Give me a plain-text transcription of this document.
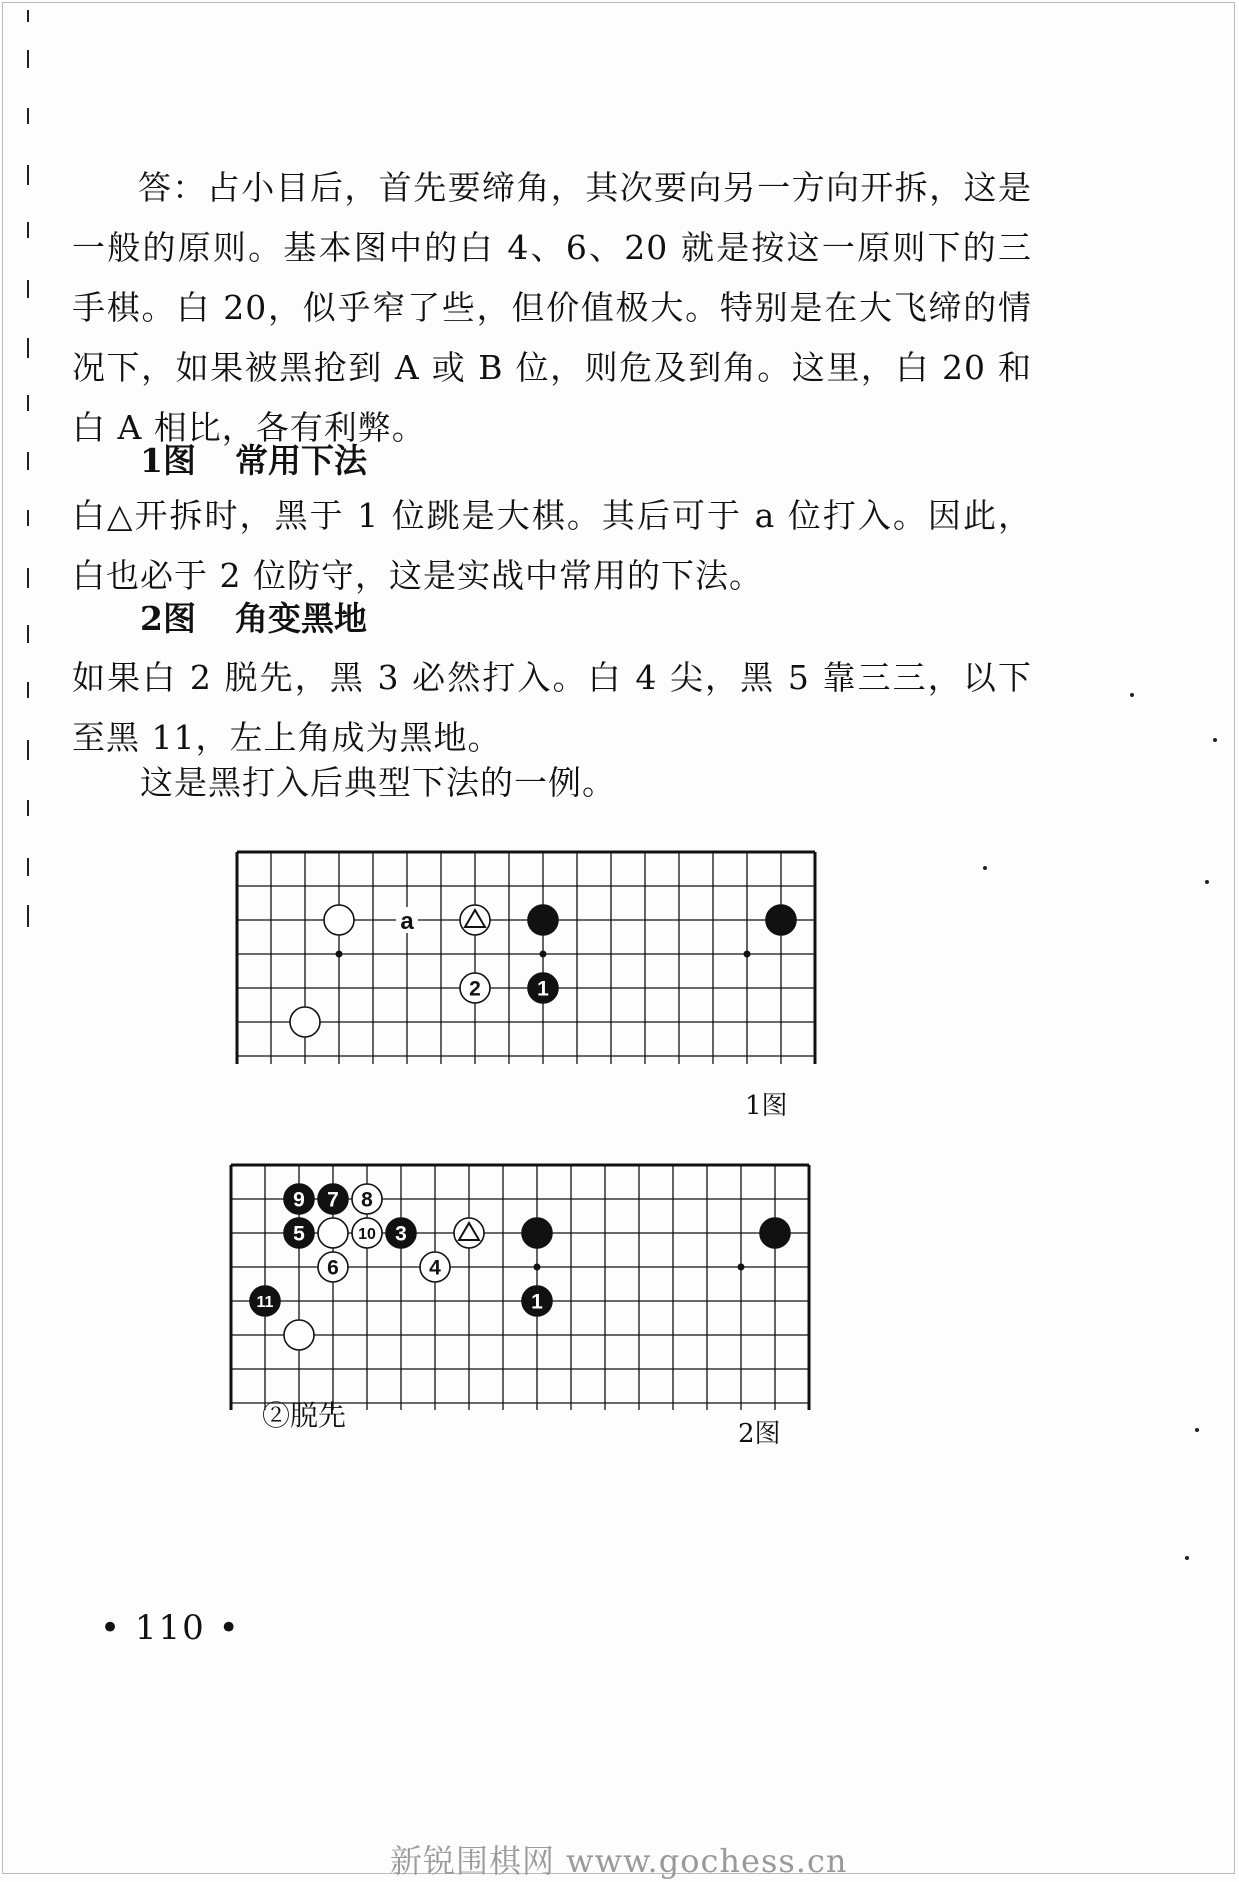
答：占小目后，首先要缔角，其次要向另一方向开拆，这是一般的原则。基本图中的白 4、6、20 就是按这一原则下的三手棋。白 20，似乎窄了些，但价值极大。特别是在大飞缔的情况下，如果被黑抢到 A 或 B 位，则危及到角。这里，白 20 和白 A 相比，各有利弊。

1图 常用下法

白△开拆时，黑于 1 位跳是大棋。其后可于 a 位打入。因此，白也必于 2 位防守，这是实战中常用的下法。

2图 角变黑地

如果白 2 脱先，黑 3 必然打入。白 4 尖，黑 5 靠三三，以下至黑 11，左上角成为黑地。

这是黑打入后典型下法的一例。

a
2	1
1图
9 7 8
5	10 3
6	4
11	1
②脱先
2图
• 110 •
新锐围棋网 www.gochess.cn
